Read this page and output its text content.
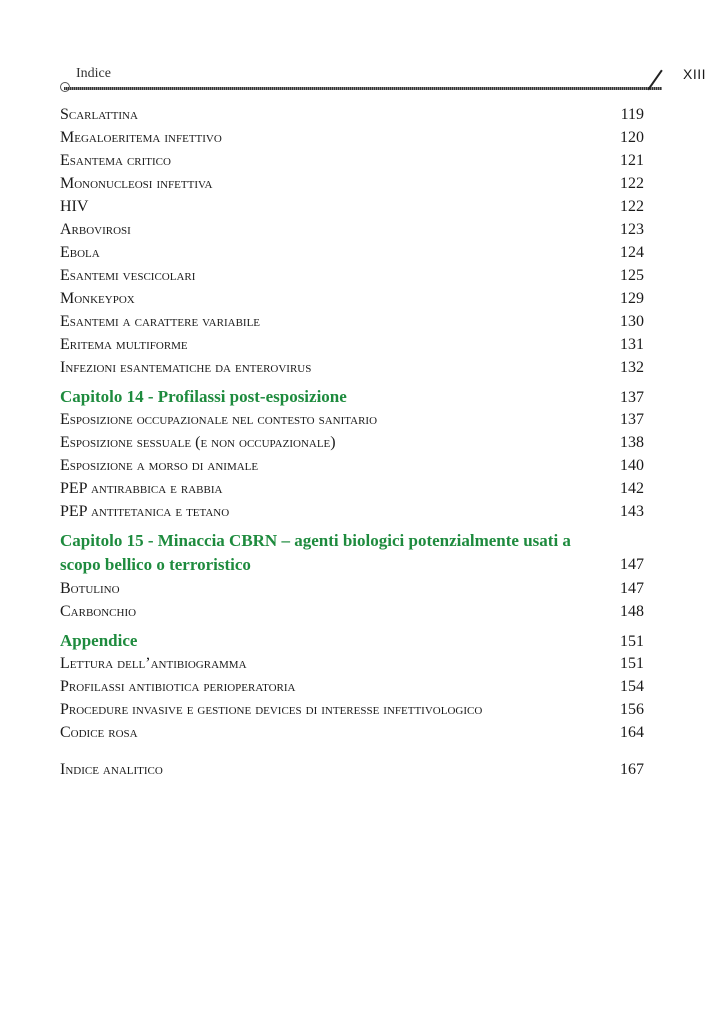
Indice	XIII
Scarlattina	119
Megaloeritema infettivo	120
Esantema critico	121
Mononucleosi infettiva	122
HIV	122
Arbovirosi	123
Ebola	124
Esantemi vescicolari	125
Monkeypox	129
Esantemi a carattere variabile	130
Eritema multiforme	131
Infezioni esantematiche da enterovirus	132
Capitolo 14 - Profilassi post-esposizione	137
Esposizione occupazionale nel contesto sanitario	137
Esposizione sessuale (e non occupazionale)	138
Esposizione a morso di animale	140
PEP antirabbica e rabbia	142
PEP antitetanica e tetano	143
Capitolo 15 - Minaccia CBRN – agenti biologici potenzialmente usati a scopo bellico o terroristico	147
Botulino	147
Carbonchio	148
Appendice	151
Lettura dell’antibiogramma	151
Profilassi antibiotica perioperatoria	154
Procedure invasive e gestione devices di interesse infettivologico	156
Codice rosa	164
Indice analitico	167
